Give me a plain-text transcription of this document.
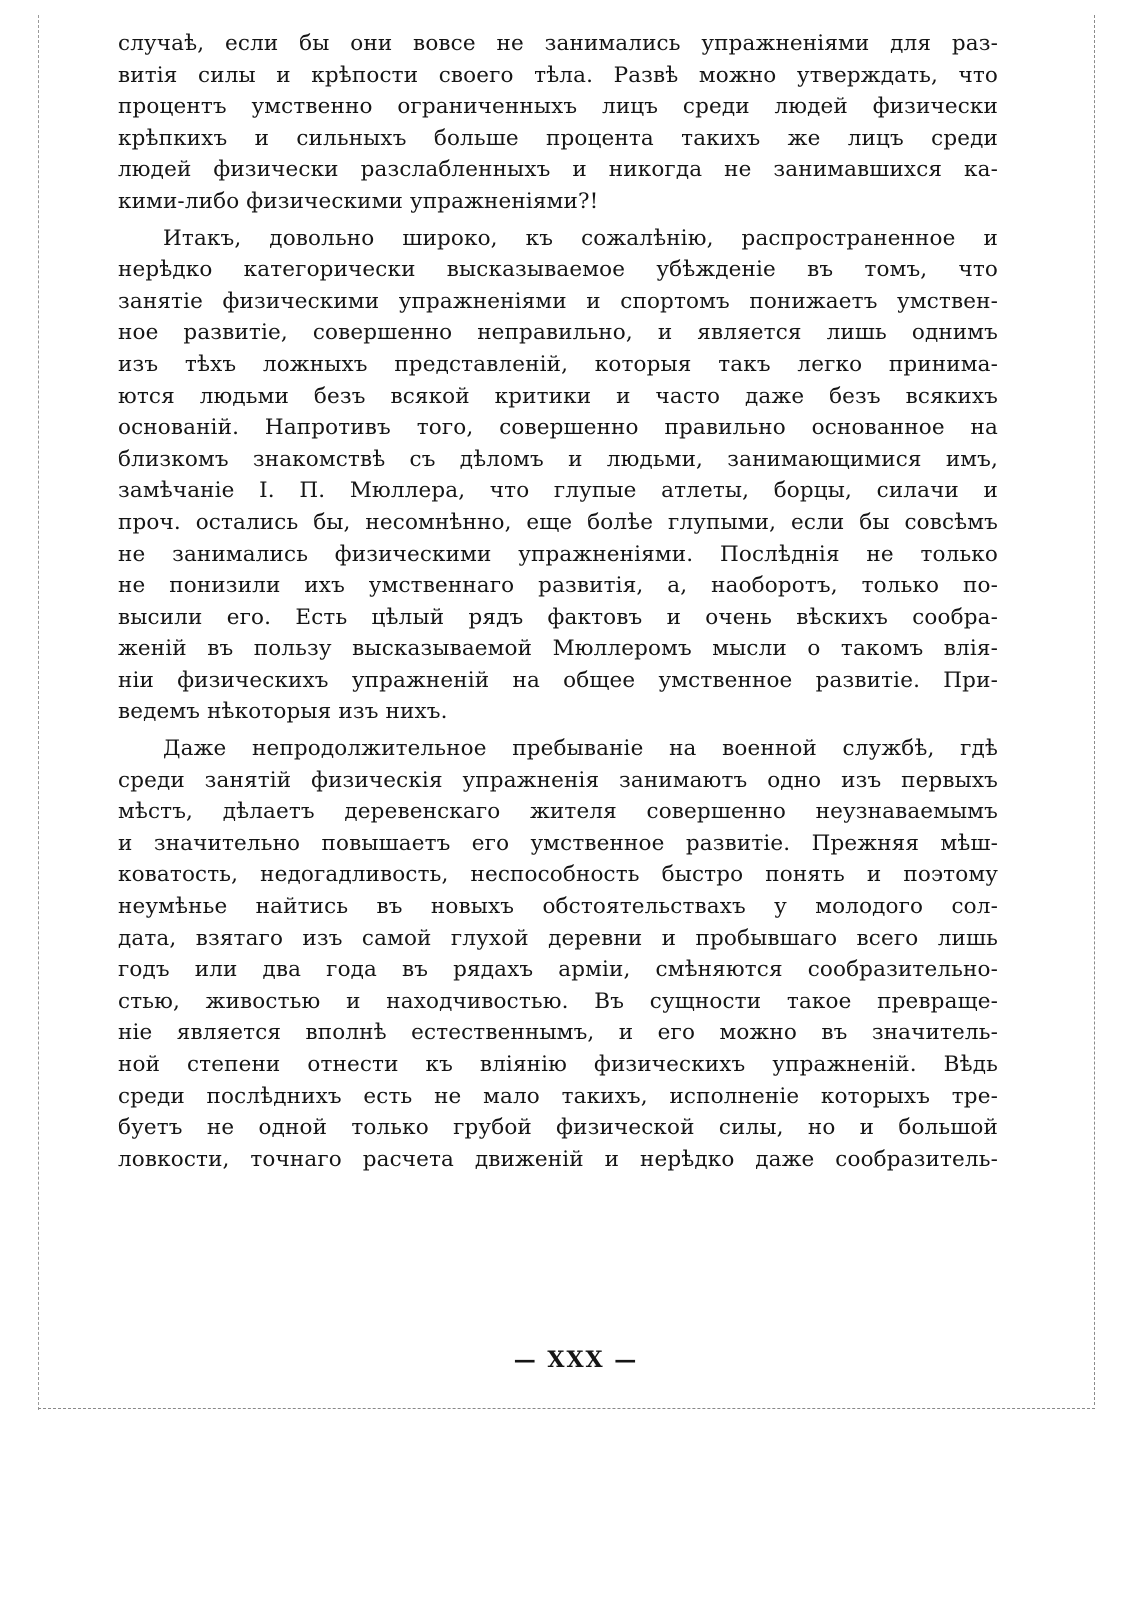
случаѣ, если бы они вовсе не занимались упражненіями для раз-
витія силы и крѣпости своего тѣла. Развѣ можно утверждать, что
процентъ умственно ограниченныхъ лицъ среди людей физически
крѣпкихъ и сильныхъ больше процента такихъ же лицъ среди
людей физически разслабленныхъ и никогда не занимавшихся ка-
кими-либо физическими упражненіями?!

Итакъ, довольно широко, къ сожалѣнію, распространенное и
нерѣдко категорически высказываемое убѣжденіе въ томъ, что
занятіе физическими упражненіями и спортомъ понижаетъ умствен-
ное развитіе, совершенно неправильно, и является лишь однимъ
изъ тѣхъ ложныхъ представленій, которыя такъ легко принима-
ются людьми безъ всякой критики и часто даже безъ всякихъ
основаній. Напротивъ того, совершенно правильно основанное на
близкомъ знакомствѣ съ дѣломъ и людьми, занимающимися имъ,
замѣчаніе I. П. Мюллера, что глупые атлеты, борцы, силачи и
проч. остались бы, несомнѣнно, еще болѣе глупыми, если бы совсѣмъ
не занимались физическими упражненіями. Послѣднія не только
не понизили ихъ умственнаго развитія, а, наоборотъ, только по-
высили его. Есть цѣлый рядъ фактовъ и очень вѣскихъ сообра-
женій въ пользу высказываемой Мюллеромъ мысли о такомъ влія-
ніи физическихъ упражненій на общее умственное развитіе. При-
ведемъ нѣкоторыя изъ нихъ.

Даже непродолжительное пребываніе на военной службѣ, гдѣ
среди занятій физическія упражненія занимаютъ одно изъ первыхъ
мѣстъ, дѣлаетъ деревенскаго жителя совершенно неузнаваемымъ
и значительно повышаетъ его умственное развитіе. Прежняя мѣш-
коватость, недогадливость, неспособность быстро понять и поэтому
неумѣнье найтись въ новыхъ обстоятельствахъ у молодого сол-
дата, взятаго изъ самой глухой деревни и пробывшаго всего лишь
годъ или два года въ рядахъ арміи, смѣняются сообразительно-
стью, живостью и находчивостью. Въ сущности такое превраще-
ніе является вполнѣ естественнымъ, и его можно въ значитель-
ной степени отнести къ вліянію физическихъ упражненій. Вѣдь
среди послѣднихъ есть не мало такихъ, исполненіе которыхъ тре-
буетъ не одной только грубой физической силы, но и большой
ловкости, точнаго расчета движеній и нерѣдко даже сообразитель-

— XXX —
